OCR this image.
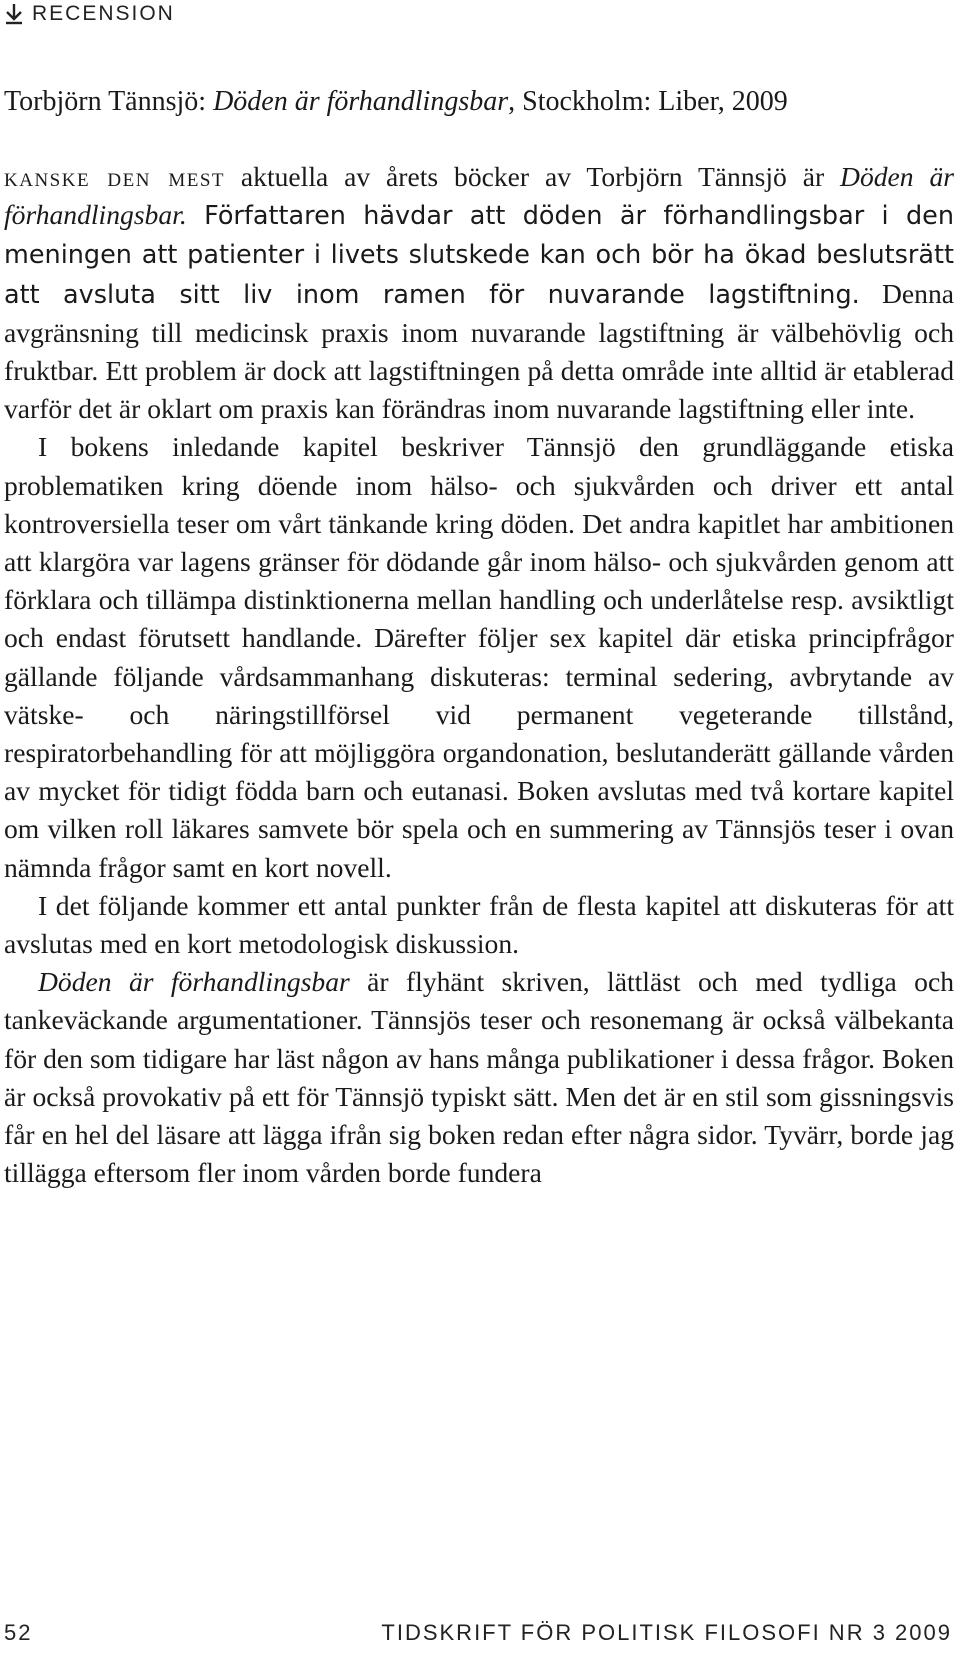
RECENSION
Torbjörn Tännsjö: Döden är förhandlingsbar, Stockholm: Liber, 2009

kanske den mest aktuella av årets böcker av Torbjörn Tännsjö är Döden är förhandlingsbar. Författaren hävdar att döden är förhandlingsbar i den meningen att patienter i livets slutskede kan och bör ha ökad beslutsrätt att avsluta sitt liv inom ramen för nuvarande lagstiftning. Denna avgränsning till medicinsk praxis inom nuvarande lagstiftning är välbehövlig och fruktbar. Ett problem är dock att lagstiftningen på detta område inte alltid är etablerad varför det är oklart om praxis kan förändras inom nuvarande lagstiftning eller inte.

I bokens inledande kapitel beskriver Tännsjö den grundläggande etiska problematiken kring döende inom hälso- och sjukvården och driver ett antal kontroversiella teser om vårt tänkande kring döden. Det andra kapitlet har ambitionen att klargöra var lagens gränser för dödande går inom hälso- och sjukvården genom att förklara och tillämpa distinktionerna mellan handling och underlåtelse resp. avsiktligt och endast förutsett handlande. Därefter följer sex kapitel där etiska principfrågor gällande följande vårdsammanhang diskuteras: terminal sedering, avbrytande av vätske- och näringstillförsel vid permanent vegeterande tillstånd, respiratorbehandling för att möjliggöra organdonation, beslutanderätt gällande vården av mycket för tidigt födda barn och eutanasi. Boken avslutas med två kortare kapitel om vilken roll läkares samvete bör spela och en summering av Tännsjös teser i ovan nämnda frågor samt en kort novell.

I det följande kommer ett antal punkter från de flesta kapitel att diskuteras för att avslutas med en kort metodologisk diskussion.

Döden är förhandlingsbar är flyhänt skriven, lättläst och med tydliga och tankeväckande argumentationer. Tännsjös teser och resonemang är också välbekanta för den som tidigare har läst någon av hans många publikationer i dessa frågor. Boken är också provokativ på ett för Tännsjö typiskt sätt. Men det är en stil som gissningsvis får en hel del läsare att lägga ifrån sig boken redan efter några sidor. Tyvärr, borde jag tillägga eftersom fler inom vården borde fundera

52	TIDSKRIFT FÖR POLITISK FILOSOFI NR 3 2009
